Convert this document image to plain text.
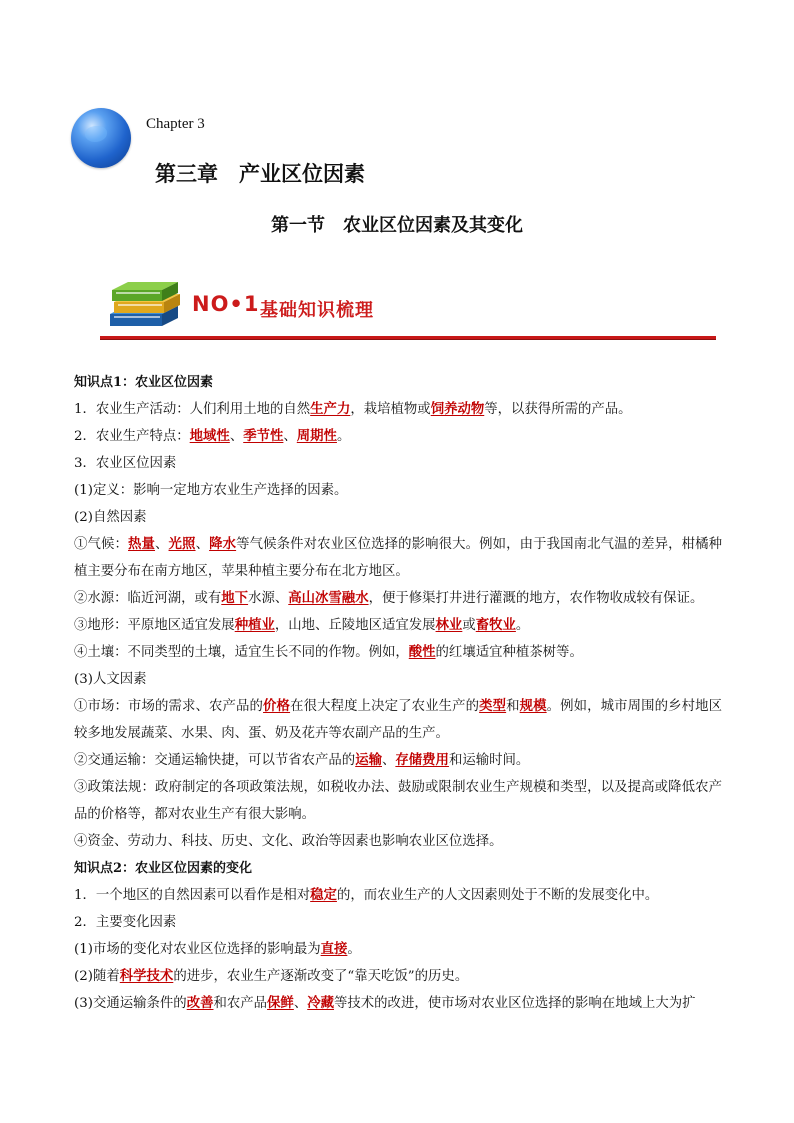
Chapter 3
第三章　产业区位因素
第一节　农业区位因素及其变化
NO•1 基础知识梳理

知识点1：农业区位因素

1．农业生产活动：人们利用土地的自然生产力，栽培植物或饲养动物等，以获得所需的产品。

2．农业生产特点：地域性、季节性、周期性。

3．农业区位因素

(1)定义：影响一定地方农业生产选择的因素。

(2)自然因素

①气候：热量、光照、降水等气候条件对农业区位选择的影响很大。例如，由于我国南北气温的差异，柑橘种植主要分布在南方地区，苹果种植主要分布在北方地区。

②水源：临近河湖，或有地下水源、高山冰雪融水，便于修渠打井进行灌溉的地方，农作物收成较有保证。

③地形：平原地区适宜发展种植业，山地、丘陵地区适宜发展林业或畜牧业。

④土壤：不同类型的土壤，适宜生长不同的作物。例如，酸性的红壤适宜种植茶树等。

(3)人文因素

①市场：市场的需求、农产品的价格在很大程度上决定了农业生产的类型和规模。例如，城市周围的乡村地区较多地发展蔬菜、水果、肉、蛋、奶及花卉等农副产品的生产。

②交通运输：交通运输快捷，可以节省农产品的运输、存储费用和运输时间。

③政策法规：政府制定的各项政策法规，如税收办法、鼓励或限制农业生产规模和类型，以及提高或降低农产品的价格等，都对农业生产有很大影响。

④资金、劳动力、科技、历史、文化、政治等因素也影响农业区位选择。

知识点2：农业区位因素的变化

1．一个地区的自然因素可以看作是相对稳定的，而农业生产的人文因素则处于不断的发展变化中。

2．主要变化因素

(1)市场的变化对农业区位选择的影响最为直接。

(2)随着科学技术的进步，农业生产逐渐改变了“靠天吃饭”的历史。

(3)交通运输条件的改善和农产品保鲜、冷藏等技术的改进，使市场对农业区位选择的影响在地域上大为扩
